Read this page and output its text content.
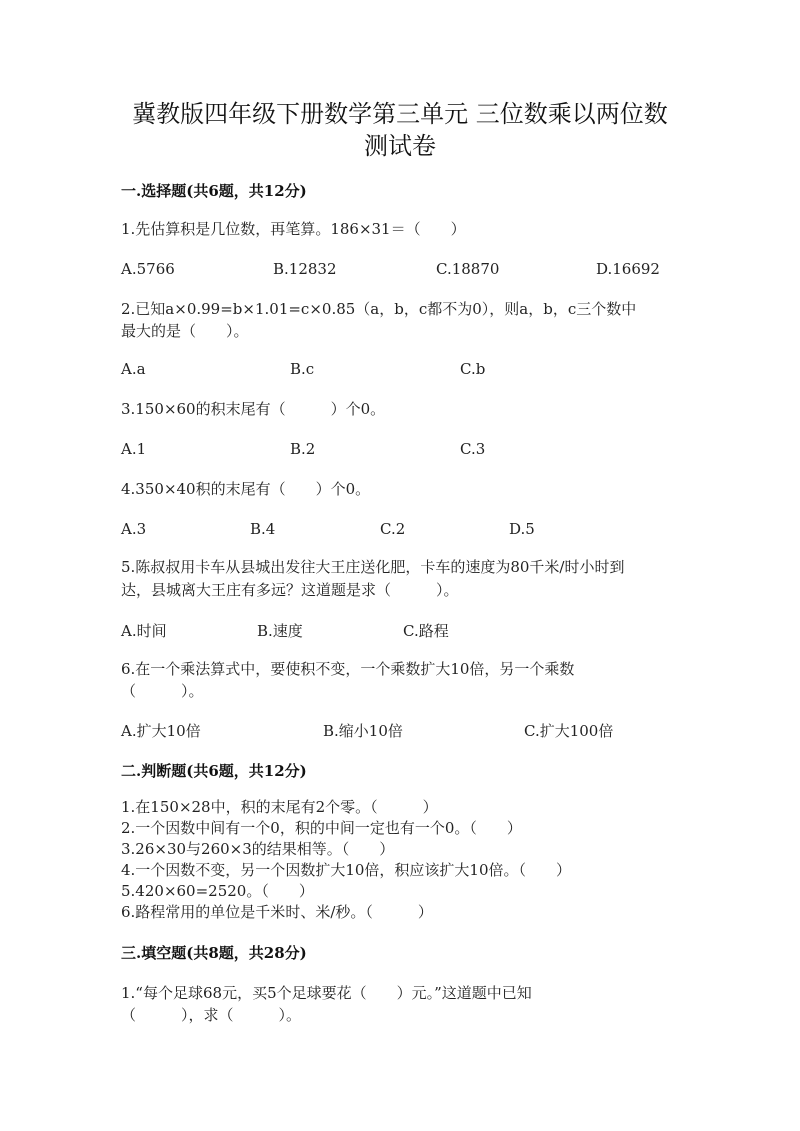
冀教版四年级下册数学第三单元 三位数乘以两位数
测试卷
一.选择题(共6题，共12分)
1.先估算积是几位数，再笔算。186×31＝（　　）
A.5766	B.12832	C.18870	D.16692
2.已知a×0.99=b×1.01=c×0.85（a，b，c都不为0），则a，b，c三个数中
最大的是（　　）。
A.a	B.c	C.b
3.150×60的积末尾有（　　　）个0。
A.1	B.2	C.3
4.350×40积的末尾有（　　）个0。
A.3	B.4	C.2	D.5
5.陈叔叔用卡车从县城出发往大王庄送化肥，卡车的速度为80千米/时小时到
达，县城离大王庄有多远？这道题是求（　　　）。
A.时间	B.速度	C.路程
6.在一个乘法算式中，要使积不变，一个乘数扩大10倍，另一个乘数
（　　　）。
A.扩大10倍	B.缩小10倍	C.扩大100倍
二.判断题(共6题，共12分)
1.在150×28中，积的末尾有2个零。（　　　）
2.一个因数中间有一个0，积的中间一定也有一个0。（　　）
3.26×30与260×3的结果相等。（　　）
4.一个因数不变，另一个因数扩大10倍，积应该扩大10倍。（　　）
5.420×60=2520。（　　）
6.路程常用的单位是千米时、米/秒。（　　　）
三.填空题(共8题，共28分)
1.“每个足球68元，买5个足球要花（　　）元。”这道题中已知
（　　　），求（　　　）。
